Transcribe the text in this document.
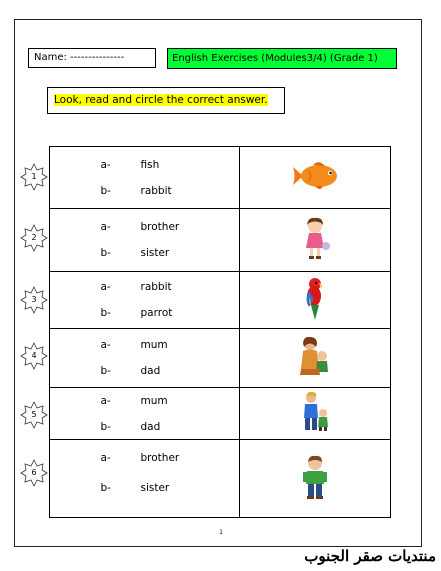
Name: ---------------	English Exercises (Modules3/4) (Grade 1)
Look, read and circle the correct answer.
1
2
3
4
5
6
a- fish
b- rabbit

a- brother
b- sister

a- rabbit
b- parrot

a- mum
b- dad

a- mum
b- dad

a- brother
b- sister

1
منتديات صقر الجنوب
